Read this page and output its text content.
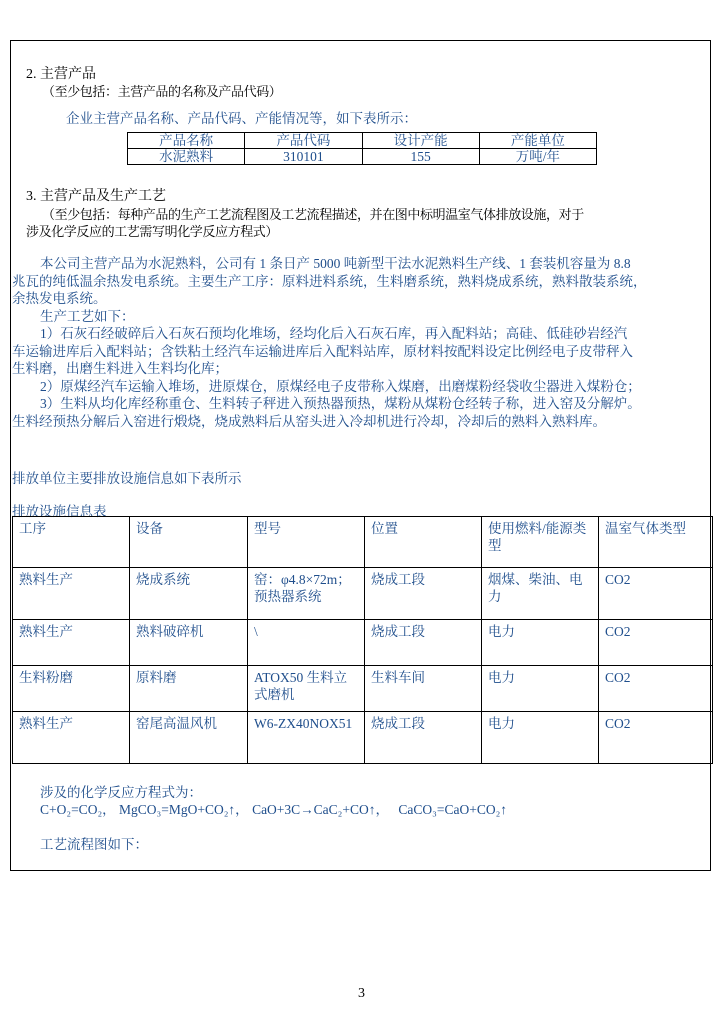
2. 主营产品
（至少包括：主营产品的名称及产品代码）
企业主营产品名称、产品代码、产能情况等，如下表所示：
产品名称	产品代码	设计产能	产能单位
水泥熟料	310101	155	万吨/年
3. 主营产品及生产工艺
（至少包括：每种产品的生产工艺流程图及工艺流程描述，并在图中标明温室气体排放设施，对于
涉及化学反应的工艺需写明化学反应方程式）
本公司主营产品为水泥熟料，公司有 1 条日产 5000 吨新型干法水泥熟料生产线、1 套装机容量为 8.8
兆瓦的纯低温余热发电系统。主要生产工序：原料进料系统，生料磨系统，熟料烧成系统，熟料散装系统，
余热发电系统。
生产工艺如下：
1）石灰石经破碎后入石灰石预均化堆场，经均化后入石灰石库，再入配料站；高硅、低硅砂岩经汽
车运输进库后入配料站；含铁粘土经汽车运输进库后入配料站库，原材料按配料设定比例经电子皮带秤入
生料磨，出磨生料进入生料均化库；
2）原煤经汽车运输入堆场，进原煤仓，原煤经电子皮带称入煤磨，出磨煤粉经袋收尘器进入煤粉仓；
3）生料从均化库经称重仓、生料转子秤进入预热器预热，煤粉从煤粉仓经转子称，进入窑及分解炉。
生料经预热分解后入窑进行煅烧，烧成熟料后从窑头进入冷却机进行冷却，冷却后的熟料入熟料库。
排放单位主要排放设施信息如下表所示
排放设施信息表
工序	设备	型号	位置	使用燃料/能源类型	温室气体类型
熟料生产	烧成系统	窑：φ4.8×72m；预热器系统	烧成工段	烟煤、柴油、电力	CO2
熟料生产	熟料破碎机	\	烧成工段	电力	CO2
生料粉磨	原料磨	ATOX50 生料立式磨机	生料车间	电力	CO2
熟料生产	窑尾高温风机	W6-ZX40NOX51	烧成工段	电力	CO2
涉及的化学反应方程式为：
C+O₂=CO₂， MgCO₃=MgO+CO₂↑， CaO+3C→CaC₂+CO↑， CaCO₃=CaO+CO₂↑
工艺流程图如下：
3
